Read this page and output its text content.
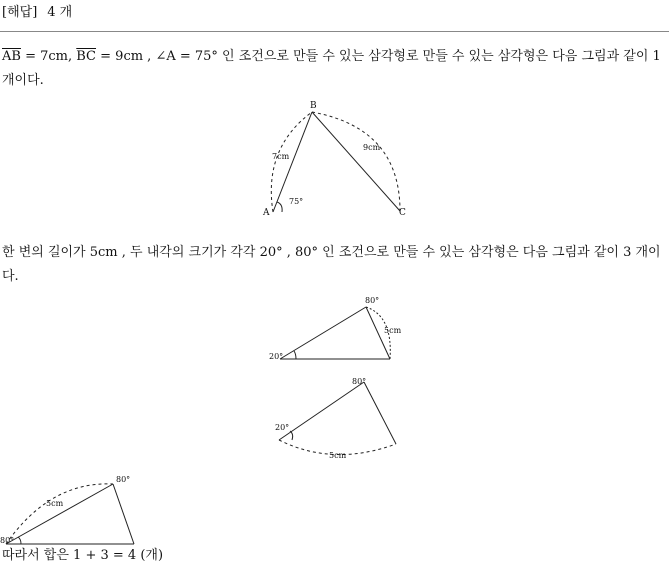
[해답] 4 개
$\overline{AB} = 7cm$, $\overline{BC} = 9cm$ , ∠A = 75° 인 조건으로 만들 수 있는 삼각형로 만들 수 있는 삼각형은 다음 그림과 같이 1 개이다.
A
B
C
7cm
9cm
75°
한 변의 길이가 5cm , 두 내각의 크기가 각각 20° , 80° 인 조건으로 만들 수 있는 삼각형은 다음 그림과 같이 3 개이다.
20°
80°
5cm
20°
80°
5cm
80°
80°
5cm
따라서 합은 1 + 3 = 4 (개)
